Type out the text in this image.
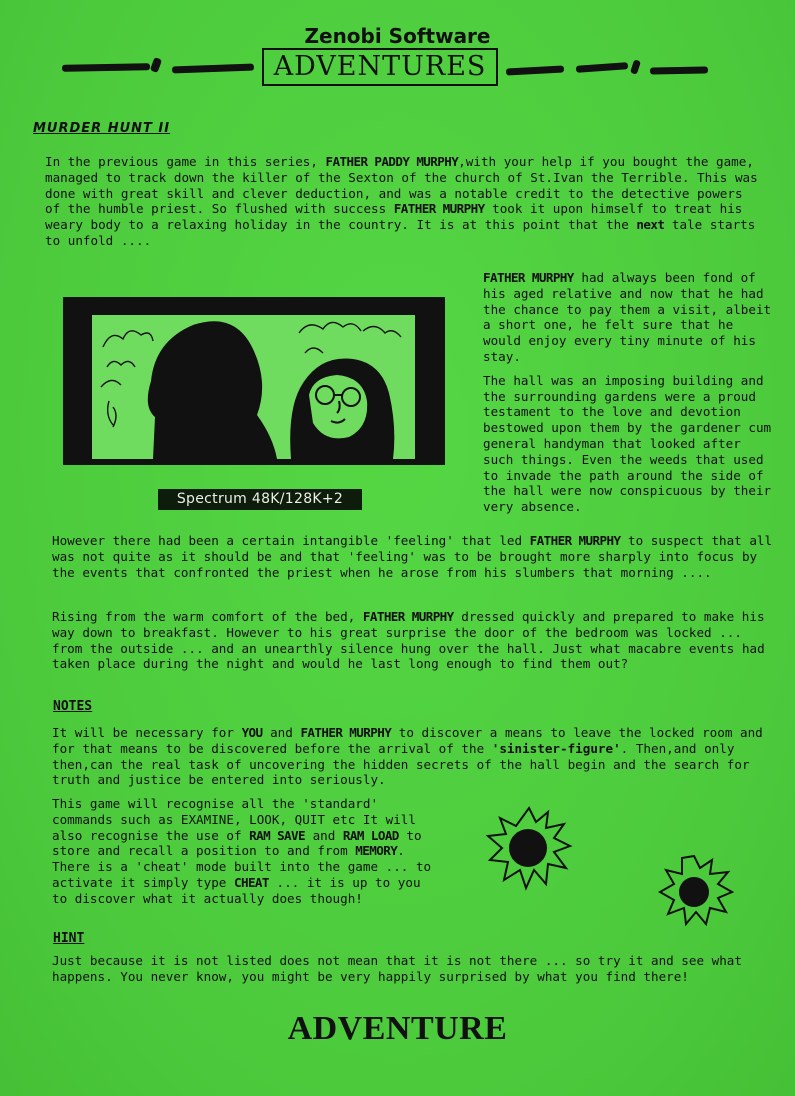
Zenobi Software
ADVENTURES
MURDER HUNT II

In the previous game in this series, FATHER PADDY MURPHY,with your help if you bought the game, managed to track down the killer of the Sexton of the church of St.Ivan the Terrible. This was done with great skill and clever deduction, and was a notable credit to the detective powers of the humble priest. So flushed with success FATHER MURPHY took it upon himself to treat his weary body to a relaxing holiday in the country. It is at this point that the next tale starts to unfold ....

Spectrum 48K/128K+2

FATHER MURPHY had always been fond of his aged relative and now that he had the chance to pay them a visit, albeit a short one, he felt sure that he would enjoy every tiny minute of his stay.

The hall was an imposing building and the surrounding gardens were a proud testament to the love and devotion bestowed upon them by the gardener cum general handyman that looked after such things. Even the weeds that used to invade the path around the side of the hall were now conspicuous by their very absence.

However there had been a certain intangible 'feeling' that led FATHER MURPHY to suspect that all was not quite as it should be and that 'feeling' was to be brought more sharply into focus by the events that confronted the priest when he arose from his slumbers that morning ....

Rising from the warm comfort of the bed, FATHER MURPHY dressed quickly and prepared to make his way down to breakfast. However to his great surprise the door of the bedroom was locked ... from the outside ... and an unearthly silence hung over the hall. Just what macabre events had taken place during the night and would he last long enough to find them out?

NOTES

It will be necessary for YOU and FATHER MURPHY to discover a means to leave the locked room and for that means to be discovered before the arrival of the 'sinister-figure'. Then,and only then,can the real task of uncovering the hidden secrets of the hall begin and the search for truth and justice be entered into seriously.

This game will recognise all the 'standard' commands such as EXAMINE, LOOK, QUIT etc It will also recognise the use of RAM SAVE and RAM LOAD to store and recall a position to and from MEMORY. There is a 'cheat' mode built into the game ... to activate it simply type CHEAT ... it is up to you to discover what it actually does though!

HINT

Just because it is not listed does not mean that it is not there ... so try it and see what happens. You never know, you might be very happily surprised by what you find there!

ADVENTURE
